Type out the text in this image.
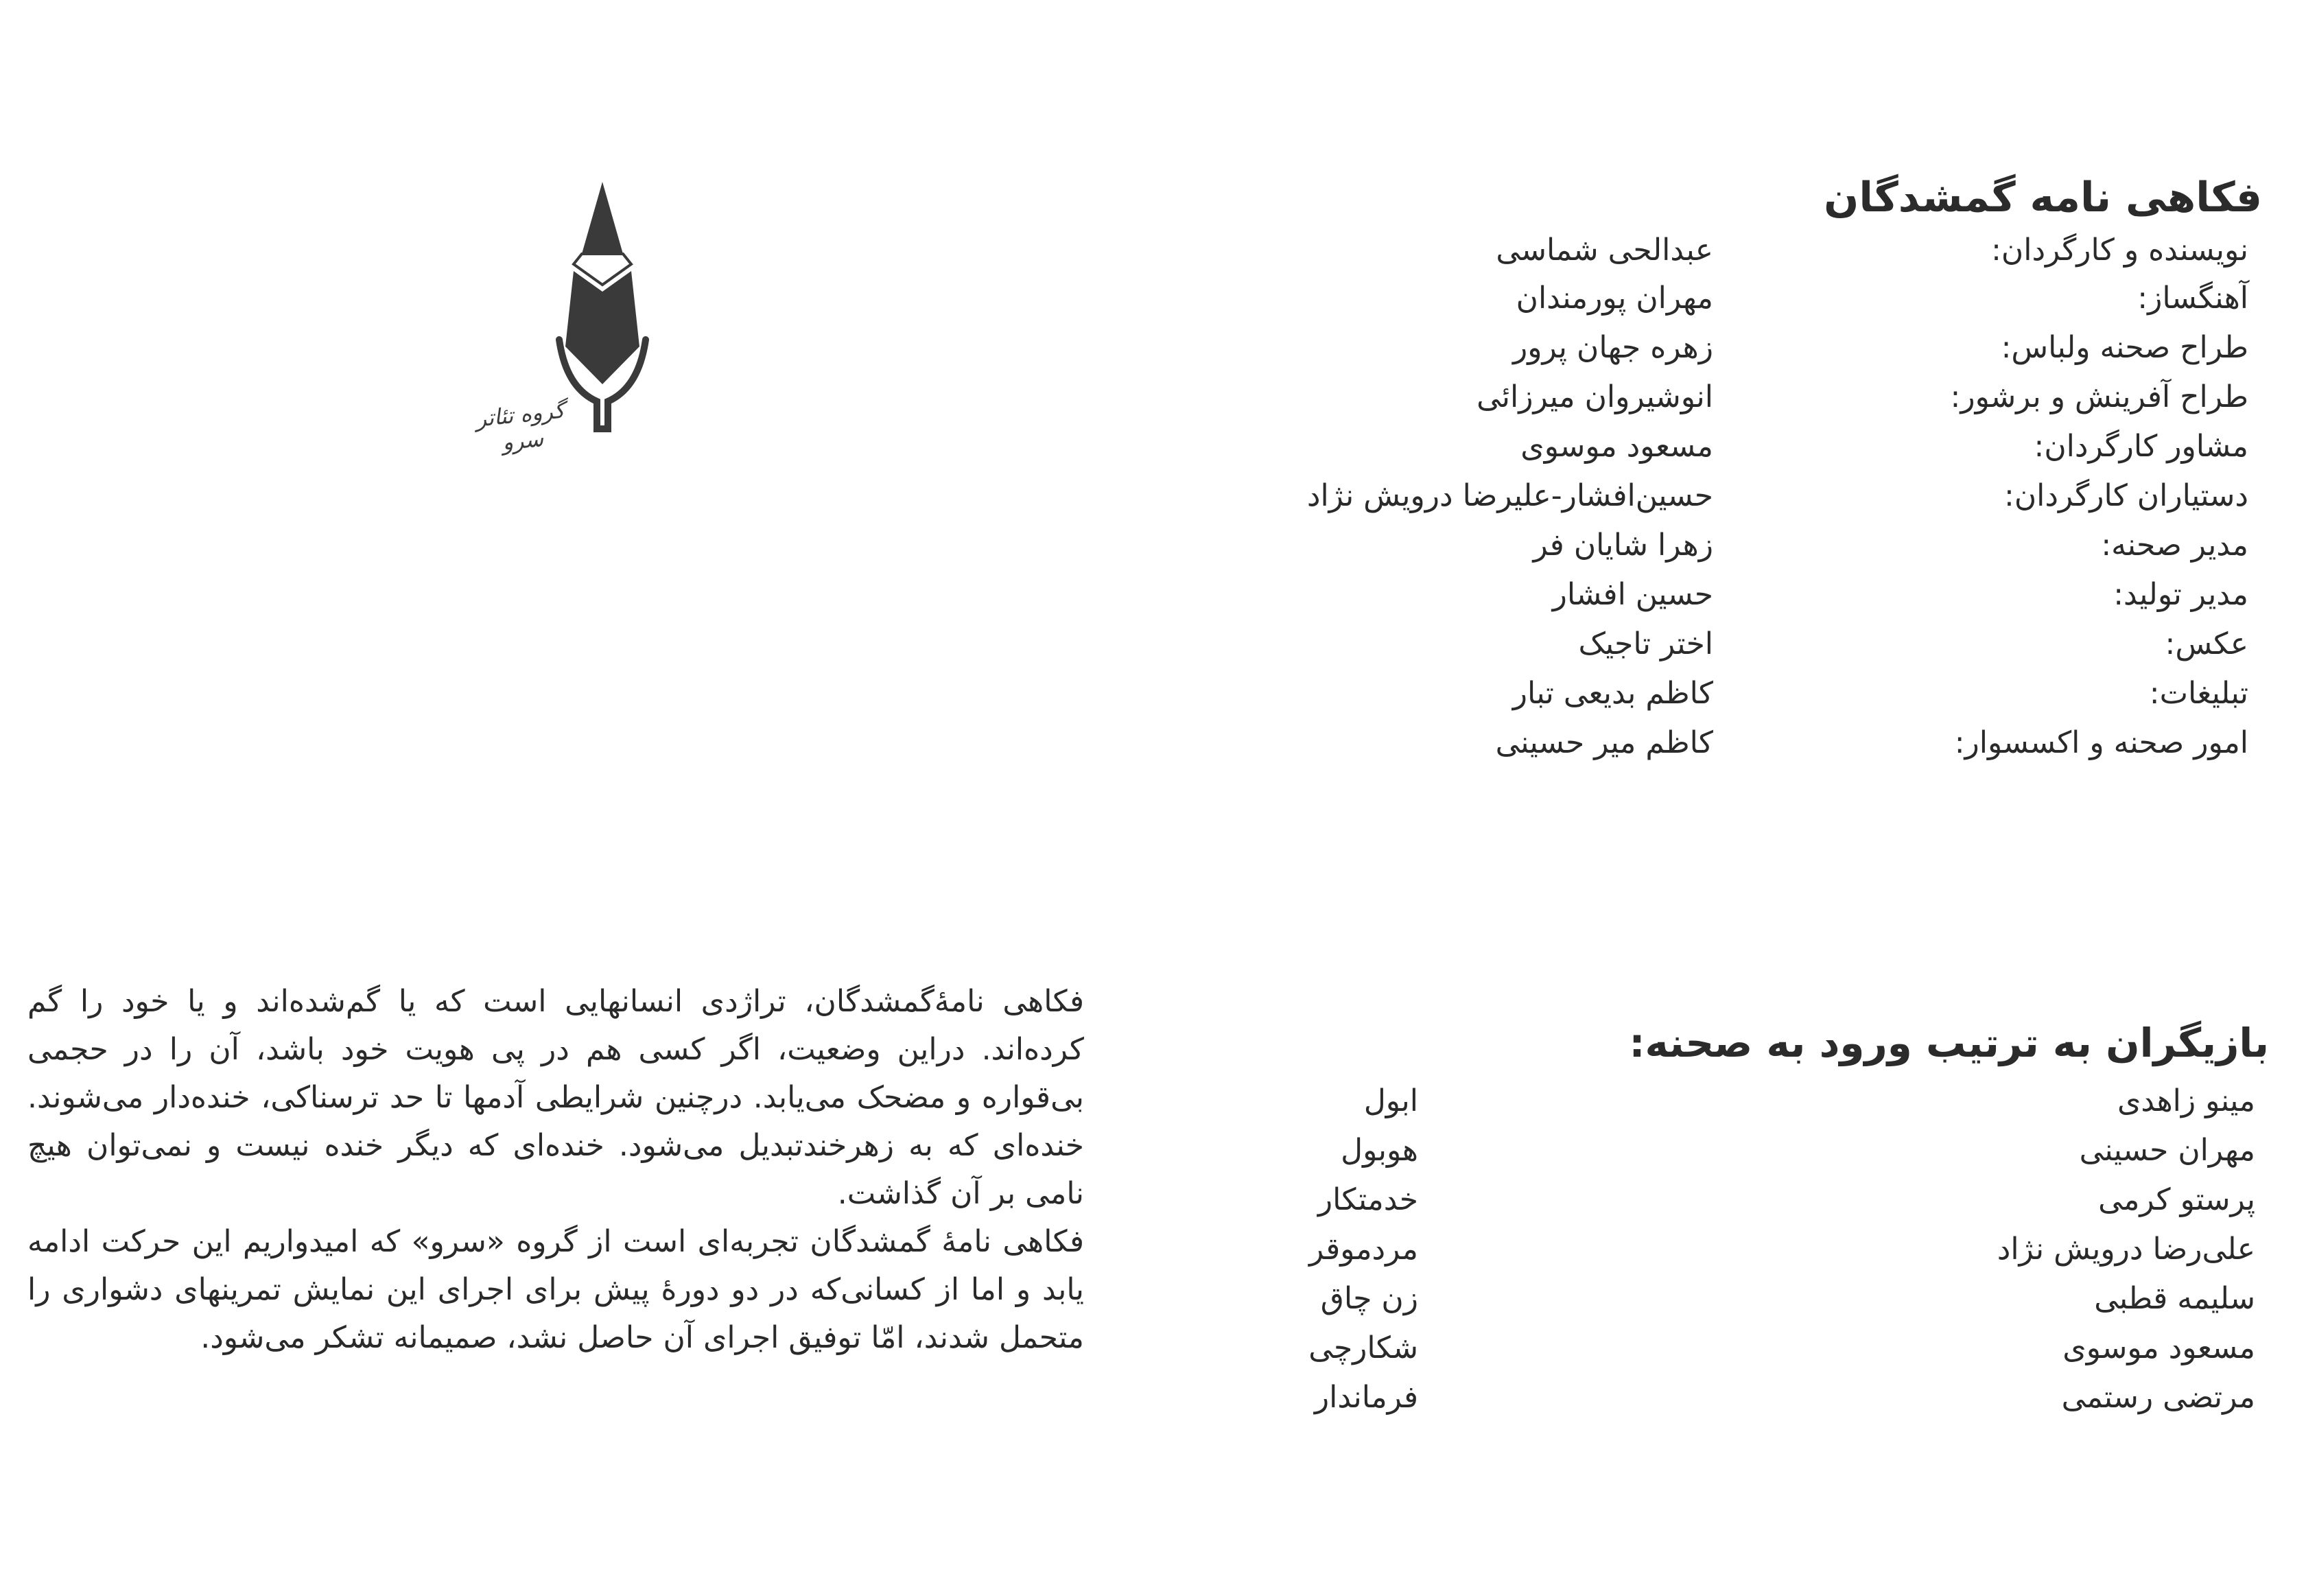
گروه تئاتر سرو
فکاهی نامه گمشدگان
نویسنده و کارگردان:
عبدالحی شماسی
آهنگساز:
مهران پورمندان
طراح صحنه ولباس:
زهره جهان پرور
طراح آفرینش و برشور:
انوشیروان میرزائی
مشاور کارگردان:
مسعود موسوی
دستیاران کارگردان:
حسین‌افشار-علیرضا درویش نژاد
مدیر صحنه:
زهرا شایان فر
مدیر تولید:
حسین افشار
عکس:
اختر تاجیک
تبلیغات:
کاظم بدیعی تبار
امور صحنه و اکسسوار:
کاظم میر حسینی
بازیگران به ترتیب ورود به صحنه:
مینو زاهدی
ابول
مهران حسینی
هوبول
پرستو کرمی
خدمتکار
علی‌رضا درویش نژاد
مردموقر
سلیمه قطبی
زن چاق
مسعود موسوی
شکارچی
مرتضی رستمی
فرماندار

فکاهی نامهٔ‌گمشدگان، تراژدی انسانهایی است که یا گم‌شده‌اند و یا خود را گم کرده‌اند. دراین وضعیت، اگر کسی هم در پی هویت خود باشد، آن را در حجمی بی‌قواره و مضحک می‌یابد. درچنین شرایطی آدمها تا حد ترسناکی، خنده‌دار می‌شوند. خنده‌ای که به زهرخندتبدیل می‌شود. خنده‌ای که دیگر خنده نیست و نمی‌توان هیچ نامی بر آن گذاشت.

فکاهی نامهٔ گمشدگان تجربه‌ای است از گروه «سرو» که امیدواریم این حرکت ادامه یابد و اما از کسانی‌که در دو دورهٔ پیش برای اجرای این نمایش تمرینهای دشواری را متحمل شدند، امّا توفیق اجرای آن حاصل نشد، صمیمانه تشکر می‌شود.
